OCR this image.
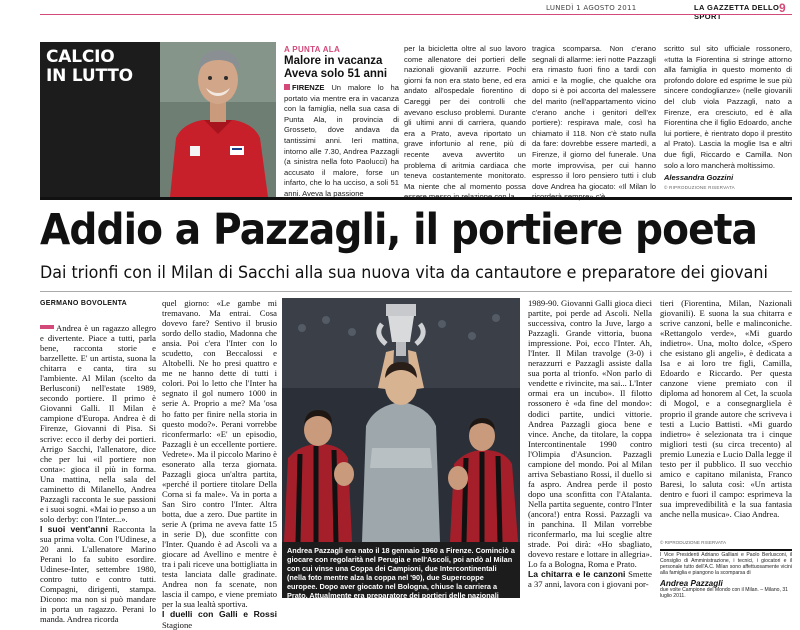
LUNEDÌ 1 AGOSTO 2011	LA GAZZETTA DELLO SPORT
9
CALCIO
IN LUTTO
A PUNTA ALA
Malore in vacanza Aveva solo 51 anni
FIRENZE Un malore lo ha portato via mentre era in vacanza con la famiglia, nella sua casa di Punta Ala, in provincia di Grosseto, dove andava da tantissimi anni. Ieri mattina, intorno alle 7.30, Andrea Pazzagli (a sinistra nella foto Paolucci) ha accusato il malore, forse un infarto, che lo ha ucciso, a soli 51 anni. Aveva la passione
per la bicicletta oltre al suo lavoro come allenatore dei portieri delle nazionali giovanili azzurre. Pochi giorni fa non era stato bene, ed era andato all'ospedale fiorentino di Careggi per dei controlli che avevano escluso problemi. Durante gli ultimi anni di carriera, quando era a Prato, aveva riportato un grave infortunio al rene, più di recente aveva avvertito un problema di aritmia cardiaca che teneva costantemente monitorato. Ma niente che al momento possa essere messo in relazione con la
tragica scomparsa. Non c'erano segnali di allarme: ieri notte Pazzagli era rimasto fuori fino a tardi con amici e la moglie, che qualche ora dopo si è poi accorta del malessere del marito (nell'appartamento vicino c'erano anche i genitori dell'ex portiere): respirava male, così ha chiamato il 118. Non c'è stato nulla da fare: dovrebbe essere martedì, a Firenze, il giorno del funerale. Una morte improvvisa, per cui hanno espresso il loro pensiero tutti i club dove Andrea ha giocato: «Il Milan lo ricorderà sempre» c'è
scritto sul sito ufficiale rossonero, «tutta la Fiorentina si stringe attorno alla famiglia in questo momento di profondo dolore ed esprime le sue più sincere condoglianze» (nelle giovanili del club viola Pazzagli, nato a Firenze, era cresciuto, ed è alla Fiorentina che il figlio Edoardo, anche lui portiere, è rientrato dopo il prestito al Prato). Lascia la moglie Isa e altri due figli, Riccardo e Camilla. Non solo a loro mancherà moltissimo.
Alessandra Gozzini
© RIPRODUZIONE RISERVATA
Addio a Pazzagli, il portiere poeta
Dai trionfi con il Milan di Sacchi alla sua nuova vita da cantautore e preparatore dei giovani
GERMANO BOVOLENTA
Andrea è un ragazzo allegro e divertente. Piace a tutti, parla bene, racconta storie e barzellette. E' un artista, suona la chitarra e canta, tira su l'ambiente. Al Milan (scelto da Berlusconi) nell'estate 1989, secondo portiere. Il primo è Giovanni Galli. Il Milan è campione d'Europa. Andrea è di Firenze, Giovanni di Pisa. Si scrive: ecco il derby dei portieri. Arrigo Sacchi, l'allenatore, dice che per lui «il portiere non conta»: gioca il più in forma. Una mattina, nella sala del caminetto di Milanello, Andrea Pazzagli racconta le sue passioni e i suoi sogni. «Mai io penso a un solo derby: con l'Inter...».
I suoi vent'anni Racconta la sua prima volta. Con l'Udinese, a 20 anni. L'allenatore Marino Perani lo fa subito esordire. Udinese-Inter, settembre 1980, contro tutto e contro tutti. Compagni, dirigenti, stampa. Dicono: ma non si può mandare in porta un ragazzo. Perani lo manda. Andrea ricorda
quel giorno: «Le gambe mi tremavano. Ma entrai. Cosa dovevo fare? Sentivo il brusio sordo dello stadio, Madonna che ansia. Poi c'era l'Inter con lo scudetto, con Beccalossi e Altobelli. Ne ho presi quattro e me ne hanno dette di tutti i colori. Poi lo letto che l'Inter ha segnato il gol numero 1000 in serie A. Proprio a me? Ma 'osa ho fatto per finire nella storia in questo modo?». Perani vorrebbe riconfermarlo: «E' un episodio, Pazzagli è un eccellente portiere. Vedrete». Ma il piccolo Marino è esonerato alla terza giornata. Pazzagli gioca un'altra partita, «perché il portiere titolare Della Corna si fa male». Va in porta a San Siro contro l'Inter. Altra botta, due a zero. Due partite in serie A (prima ne aveva fatte 15 in serie D), due sconfitte con l'Inter. Quando è ad Ascoli va a giocare ad Avellino e mentre è tra i pali riceve una bottigliatta in testa lanciata dalle gradinate. Andrea non fa scenate, non lascia il campo, e viene premiato per la sua lealtà sportiva.
I duelli con Galli e Rossi Stagione
Andrea Pazzagli era nato il 18 gennaio 1960 a Firenze. Cominciò a giocare con regolarità nel Perugia e nell'Ascoli, poi andò al Milan con cui vinse una Coppa dei Campioni, due Intercontinentali (nella foto mentre alza la coppa nel '90), due Supercoppe europee. Dopo aver giocato nel Bologna, chiuse la carriera a Prato. Attualmente era preparatore dei portieri delle nazionali azzurre LIVERANI
1989-90. Giovanni Galli gioca dieci partite, poi perde ad Ascoli. Nella successiva, contro la Juve, largo a Pazzagli. Grande vittoria, buona impressione. Poi, ecco l'Inter. Ah, l'Inter. Il Milan travolge (3-0) i nerazzurri e Pazzagli assiste dalla sua porta al trionfo. «Non parlo di vendette e rivincite, ma sai... L'Inter ormai era un incubo». Il filotto rossonero è «da fine del mondo»: dodici partite, undici vittorie. Andrea Pazzagli gioca bene e vince. Anche, da titolare, la coppa Intercontinentale 1990 contro l'Olimpia d'Asuncion. Pazzagli campione del mondo. Poi al Milan arriva Sebastiano Rossi, il duello si fa aspro. Andrea perde il posto dopo una sconfitta con l'Atalanta. Nella partita seguente, contro l'Inter (ancora!) entra Rossi. Pazzagli va in panchina. Il Milan vorrebbe riconfermarlo, ma lui sceglie altre strade. Poi dirà: «Ho sbagliato, dovevo restare e lottare in allegria». Lo fa a Bologna, Roma e Prato.
La chitarra e le canzoni Smette a 37 anni, lavora con i giovani por-
tieri (Fiorentina, Milan, Nazionali giovanili). E suona la sua chitarra e scrive canzoni, belle e malinconiche. «Rettangolo verde», «Mi guardo indietro». Una, molto dolce, «Spero che esistano gli angeli», è dedicata a Isa e ai loro tre figli, Camilla, Edoardo e Riccardo. Per questa canzone viene premiato con il diploma ad honorem al Cet, la scuola di Mogol, e a consegnargliela è proprio il grande autore che scriveva i testi a Lucio Battisti. «Mi guardo indietro» è selezionata tra i cinque migliori testi (su circa trecento) al premio Lunezia e Lucio Dalla legge il testo per il pubblico. Il suo vecchio amico e capitano milanista, Franco Baresi, lo saluta così: «Un artista dentro e fuori il campo: esprimeva la sua imprevedibilità e la sua fantasia anche nella musica». Ciao Andrea.
© RIPRODUZIONE RISERVATA
I Vice Presidenti Adriano Galliani e Paolo Berlusconi, il Consiglio di Amministrazione, i tecnici, i giocatori e il personale tutto dell'A.C. Milan sono affettuosamente vicini alla famiglia e piangono la scomparsa di
Andrea Pazzagli
due volte Campione del Mondo con il Milan. – Milano, 31 luglio 2011.
